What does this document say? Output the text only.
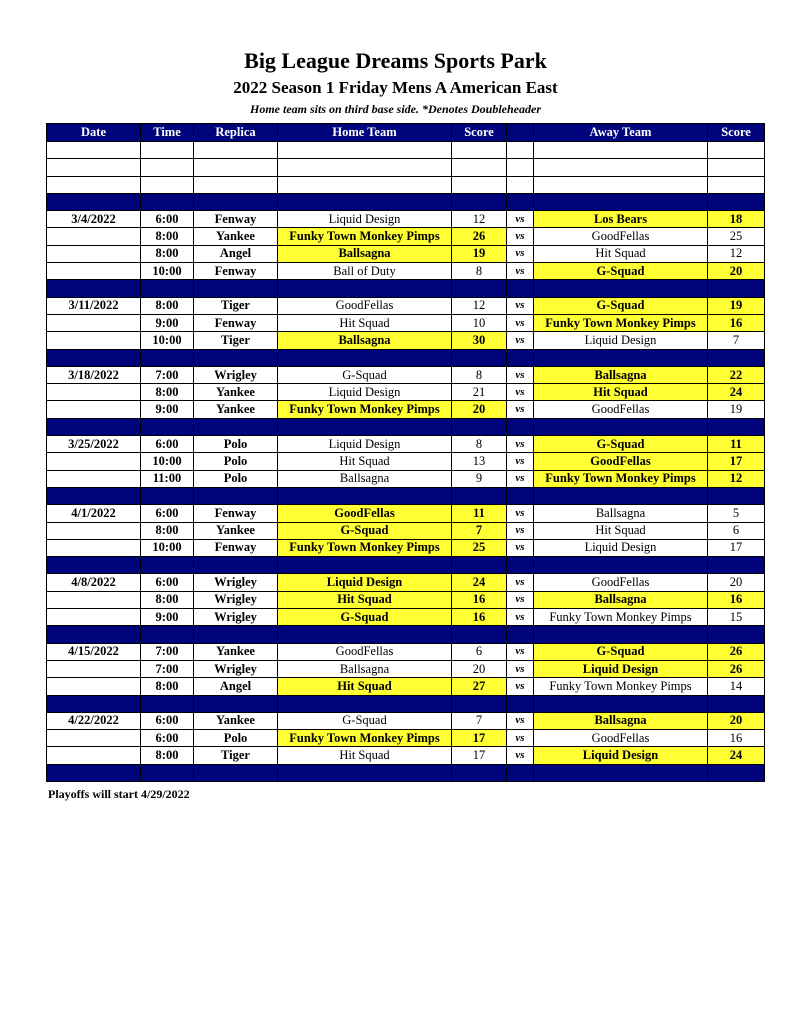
Big League Dreams Sports Park
2022 Season 1 Friday Mens A American East
Home team sits on third base side. *Denotes Doubleheader
Date	Time	Replica	Home Team	Score		Away Team	Score

3/4/2022	6:00	Fenway	Liquid Design	12	vs	Los Bears	18
	8:00	Yankee	Funky Town Monkey Pimps	26	vs	GoodFellas	25
	8:00	Angel	Ballsagna	19	vs	Hit Squad	12
	10:00	Fenway	Ball of Duty	8	vs	G-Squad	20

3/11/2022	8:00	Tiger	GoodFellas	12	vs	G-Squad	19
	9:00	Fenway	Hit Squad	10	vs	Funky Town Monkey Pimps	16
	10:00	Tiger	Ballsagna	30	vs	Liquid Design	7

3/18/2022	7:00	Wrigley	G-Squad	8	vs	Ballsagna	22
	8:00	Yankee	Liquid Design	21	vs	Hit Squad	24
	9:00	Yankee	Funky Town Monkey Pimps	20	vs	GoodFellas	19

3/25/2022	6:00	Polo	Liquid Design	8	vs	G-Squad	11
	10:00	Polo	Hit Squad	13	vs	GoodFellas	17
	11:00	Polo	Ballsagna	9	vs	Funky Town Monkey Pimps	12

4/1/2022	6:00	Fenway	GoodFellas	11	vs	Ballsagna	5
	8:00	Yankee	G-Squad	7	vs	Hit Squad	6
	10:00	Fenway	Funky Town Monkey Pimps	25	vs	Liquid Design	17

4/8/2022	6:00	Wrigley	Liquid Design	24	vs	GoodFellas	20
	8:00	Wrigley	Hit Squad	16	vs	Ballsagna	16
	9:00	Wrigley	G-Squad	16	vs	Funky Town Monkey Pimps	15

4/15/2022	7:00	Yankee	GoodFellas	6	vs	G-Squad	26
	7:00	Wrigley	Ballsagna	20	vs	Liquid Design	26
	8:00	Angel	Hit Squad	27	vs	Funky Town Monkey Pimps	14

4/22/2022	6:00	Yankee	G-Squad	7	vs	Ballsagna	20
	6:00	Polo	Funky Town Monkey Pimps	17	vs	GoodFellas	16
	8:00	Tiger	Hit Squad	17	vs	Liquid Design	24

Playoffs will start 4/29/2022
